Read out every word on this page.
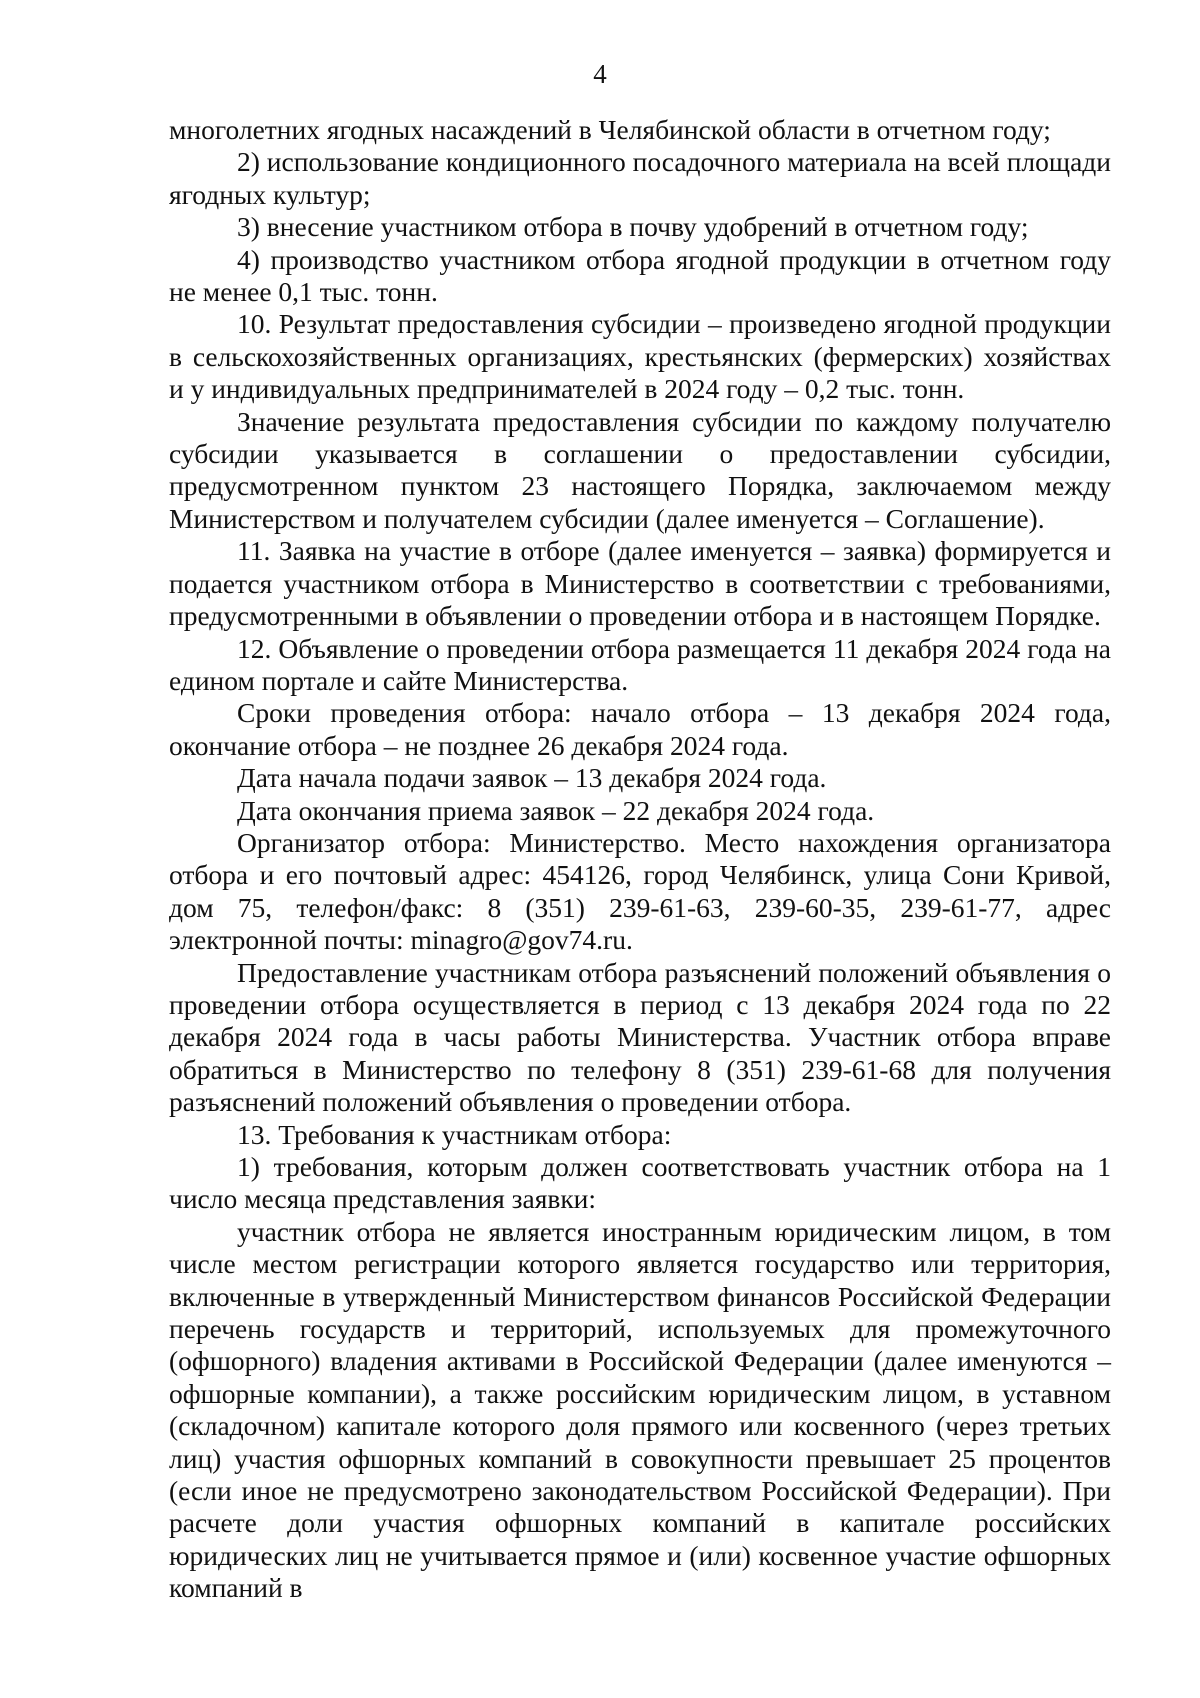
4

многолетних ягодных насаждений в Челябинской области в отчетном году;

2) использование кондиционного посадочного материала на всей площади ягодных культур;

3) внесение участником отбора в почву удобрений в отчетном году;

4) производство участником отбора ягодной продукции в отчетном году не менее 0,1 тыс. тонн.

10. Результат предоставления субсидии – произведено ягодной продукции в сельскохозяйственных организациях, крестьянских (фермерских) хозяйствах и у индивидуальных предпринимателей в 2024 году – 0,2 тыс. тонн.

Значение результата предоставления субсидии по каждому получателю субсидии указывается в соглашении о предоставлении субсидии, предусмотренном пунктом 23 настоящего Порядка, заключаемом между Министерством и получателем субсидии (далее именуется – Соглашение).

11. Заявка на участие в отборе (далее именуется – заявка) формируется и подается участником отбора в Министерство в соответствии с требованиями, предусмотренными в объявлении о проведении отбора и в настоящем Порядке.

12. Объявление о проведении отбора размещается 11 декабря 2024 года на едином портале и сайте Министерства.

Сроки проведения отбора: начало отбора – 13 декабря 2024 года, окончание отбора – не позднее 26 декабря 2024 года.

Дата начала подачи заявок – 13 декабря 2024 года.

Дата окончания приема заявок – 22 декабря 2024 года.

Организатор отбора: Министерство. Место нахождения организатора отбора и его почтовый адрес: 454126, город Челябинск, улица Сони Кривой, дом 75, телефон/факс: 8 (351) 239-61-63, 239-60-35, 239-61-77, адрес электронной почты: minagro@gov74.ru.

Предоставление участникам отбора разъяснений положений объявления о проведении отбора осуществляется в период с 13 декабря 2024 года по 22 декабря 2024 года в часы работы Министерства. Участник отбора вправе обратиться в Министерство по телефону 8 (351) 239-61-68 для получения разъяснений положений объявления о проведении отбора.

13. Требования к участникам отбора:

1) требования, которым должен соответствовать участник отбора на 1 число месяца представления заявки:

участник отбора не является иностранным юридическим лицом, в том числе местом регистрации которого является государство или территория, включенные в утвержденный Министерством финансов Российской Федерации перечень государств и территорий, используемых для промежуточного (офшорного) владения активами в Российской Федерации (далее именуются – офшорные компании), а также российским юридическим лицом, в уставном (складочном) капитале которого доля прямого или косвенного (через третьих лиц) участия офшорных компаний в совокупности превышает 25 процентов (если иное не предусмотрено законодательством Российской Федерации). При расчете доли участия офшорных компаний в капитале российских юридических лиц не учитывается прямое и (или) косвенное участие офшорных компаний в
